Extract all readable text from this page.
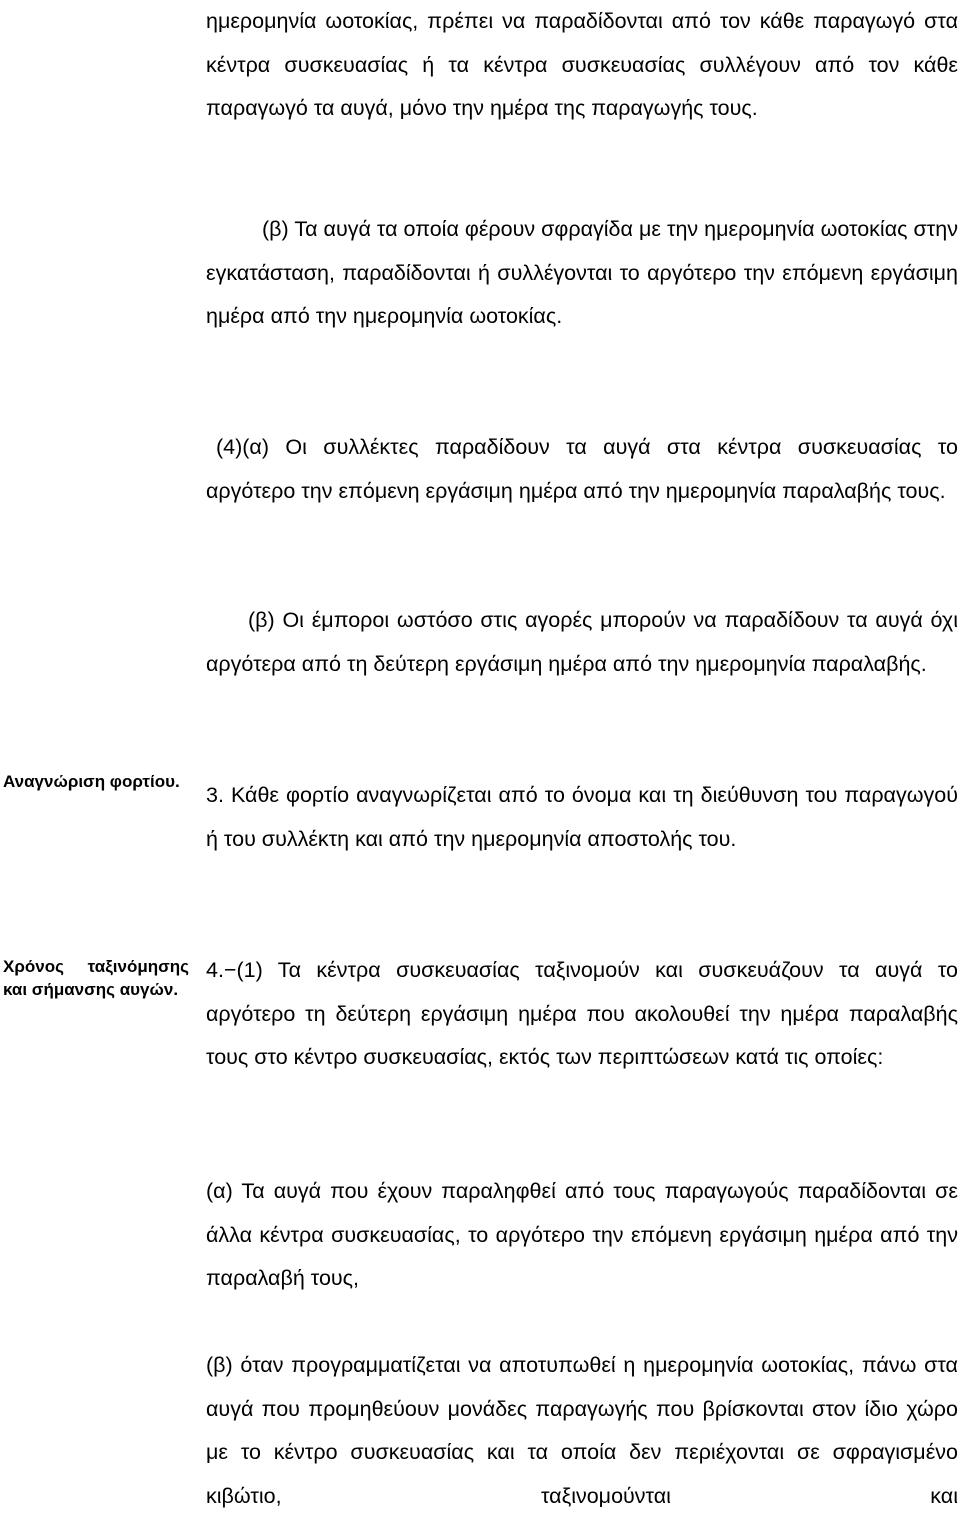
ημερομηνία ωοτοκίας, πρέπει να παραδίδονται από τον κάθε παραγωγό στα κέντρα συσκευασίας ή τα κέντρα συσκευασίας συλλέγουν από τον κάθε παραγωγό τα αυγά, μόνο την ημέρα της παραγωγής τους.

(β) Τα αυγά τα οποία φέρουν σφραγίδα με την ημερομηνία ωοτοκίας στην εγκατάσταση, παραδίδονται ή συλλέγονται το αργότερο την επόμενη εργάσιμη ημέρα από την ημερομηνία ωοτοκίας.

(4)(α) Οι συλλέκτες παραδίδουν τα αυγά στα κέντρα συσκευασίας το αργότερο την επόμενη εργάσιμη ημέρα από την ημερομηνία παραλαβής τους.

(β) Οι έμποροι ωστόσο στις αγορές μπορούν να παραδίδουν τα αυγά όχι αργότερα από τη δεύτερη εργάσιμη ημέρα από την ημερομηνία παραλαβής.

Αναγνώριση φορτίου.

3. Κάθε φορτίο αναγνωρίζεται από το όνομα και τη διεύθυνση του παραγωγού ή του συλλέκτη και από την ημερομηνία αποστολής του.

Χρόνος ταξινόμησης και σήμανσης αυγών.

4.−(1) Τα κέντρα συσκευασίας ταξινομούν και συσκευάζουν τα αυγά το αργότερο τη δεύτερη εργάσιμη ημέρα που ακολουθεί την ημέρα παραλαβής τους στο κέντρο συσκευασίας, εκτός των περιπτώσεων κατά τις οποίες:

(α) Τα αυγά που έχουν παραληφθεί από τους παραγωγούς παραδίδονται σε άλλα κέντρα συσκευασίας, το αργότερο την επόμενη εργάσιμη ημέρα από την παραλαβή τους,

(β) όταν προγραμματίζεται να αποτυπωθεί η ημερομηνία ωοτοκίας, πάνω στα αυγά που προμηθεύουν μονάδες παραγωγής που βρίσκονται στον ίδιο χώρο με το κέντρο συσκευασίας και τα οποία δεν περιέχονται σε σφραγισμένο κιβώτιο, ταξινομούνται και
